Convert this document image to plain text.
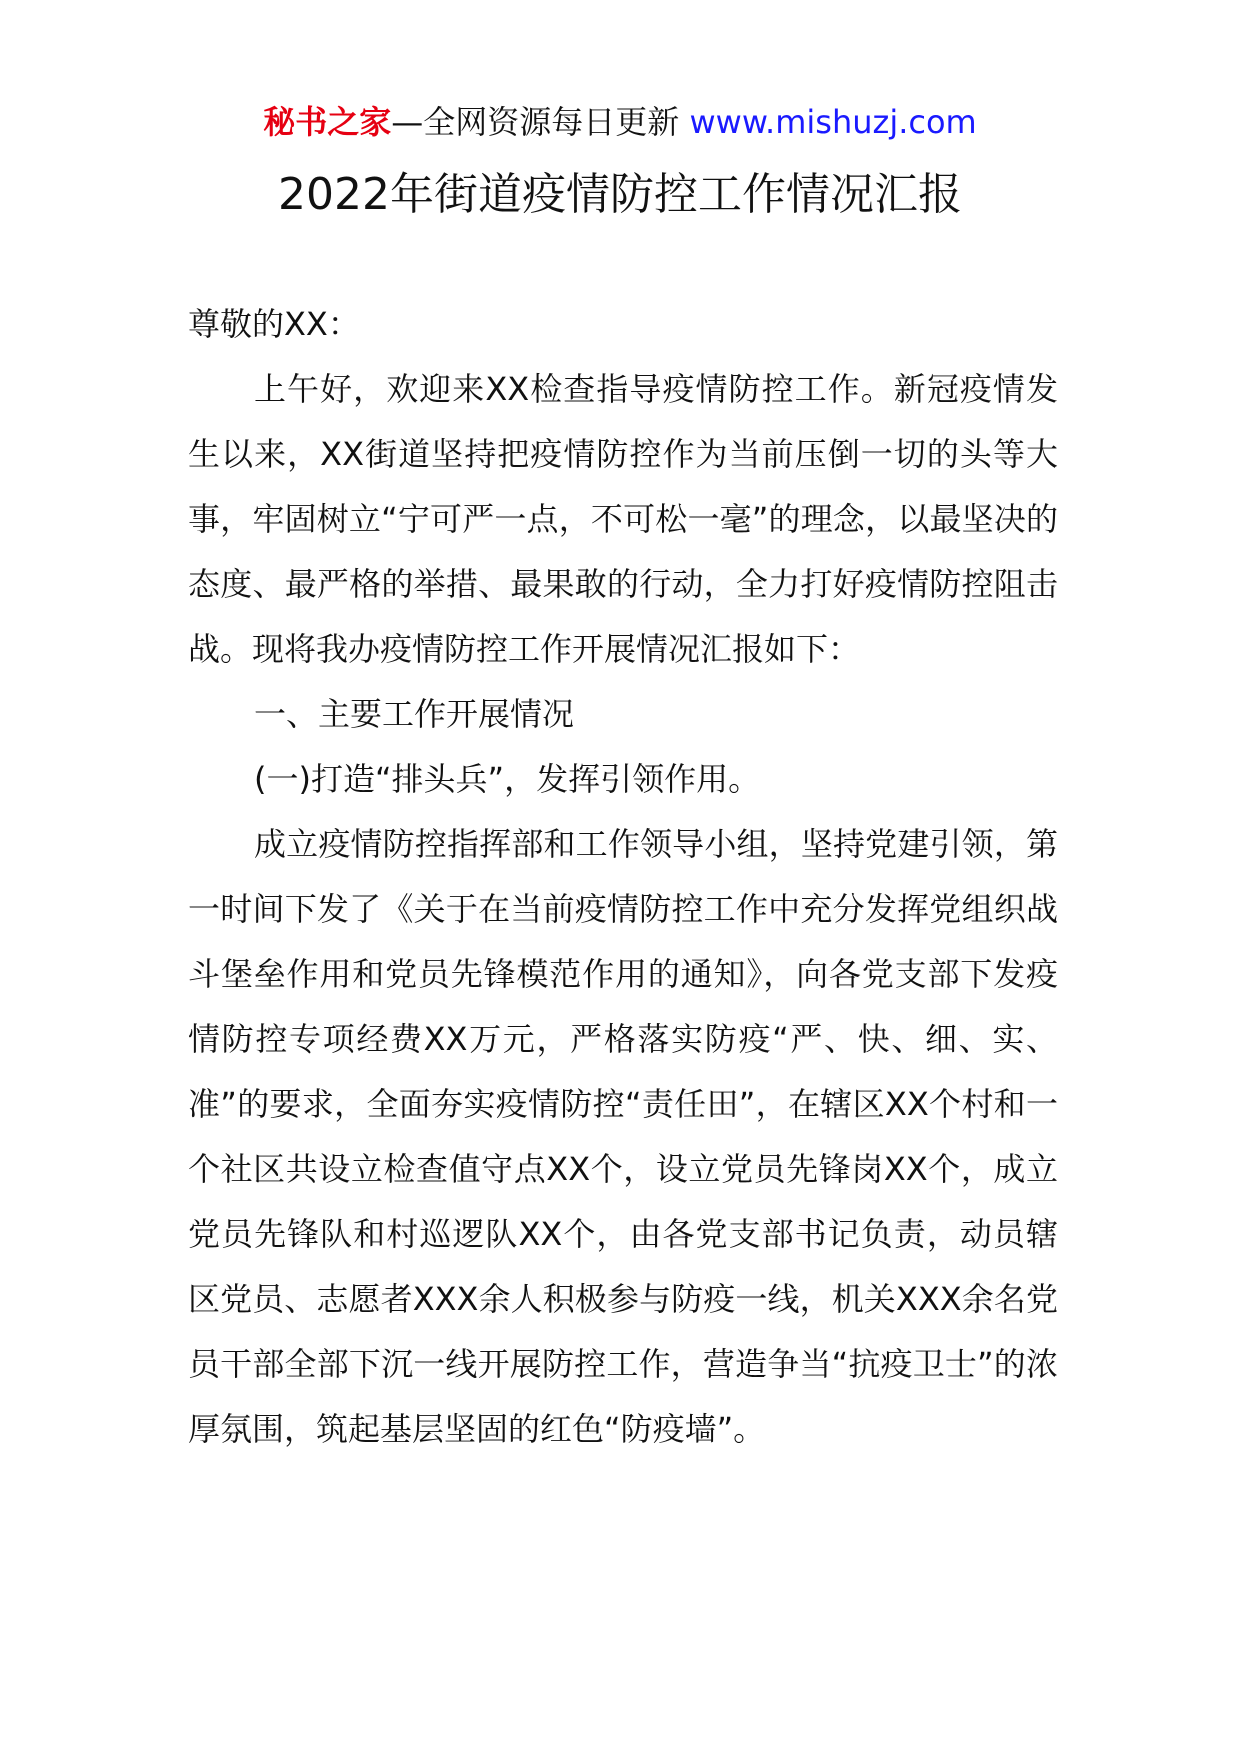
秘书之家—全网资源每日更新 www.mishuzj.com
2022年街道疫情防控工作情况汇报

尊敬的XX：

上午好，欢迎来XX检查指导疫情防控工作。新冠疫情发生以来，XX街道坚持把疫情防控作为当前压倒一切的头等大事，牢固树立“宁可严一点，不可松一毫”的理念，以最坚决的态度、最严格的举措、最果敢的行动，全力打好疫情防控阻击战。现将我办疫情防控工作开展情况汇报如下：

一、主要工作开展情况

(一)打造“排头兵”，发挥引领作用。

成立疫情防控指挥部和工作领导小组，坚持党建引领，第一时间下发了《关于在当前疫情防控工作中充分发挥党组织战斗堡垒作用和党员先锋模范作用的通知》，向各党支部下发疫情防控专项经费XX万元，严格落实防疫“严、快、细、实、准”的要求，全面夯实疫情防控“责任田”，在辖区XX个村和一个社区共设立检查值守点XX个，设立党员先锋岗XX个，成立党员先锋队和村巡逻队XX个，由各党支部书记负责，动员辖区党员、志愿者XXX余人积极参与防疫一线，机关XXX余名党员干部全部下沉一线开展防控工作，营造争当“抗疫卫士”的浓厚氛围，筑起基层坚固的红色“防疫墙”。
